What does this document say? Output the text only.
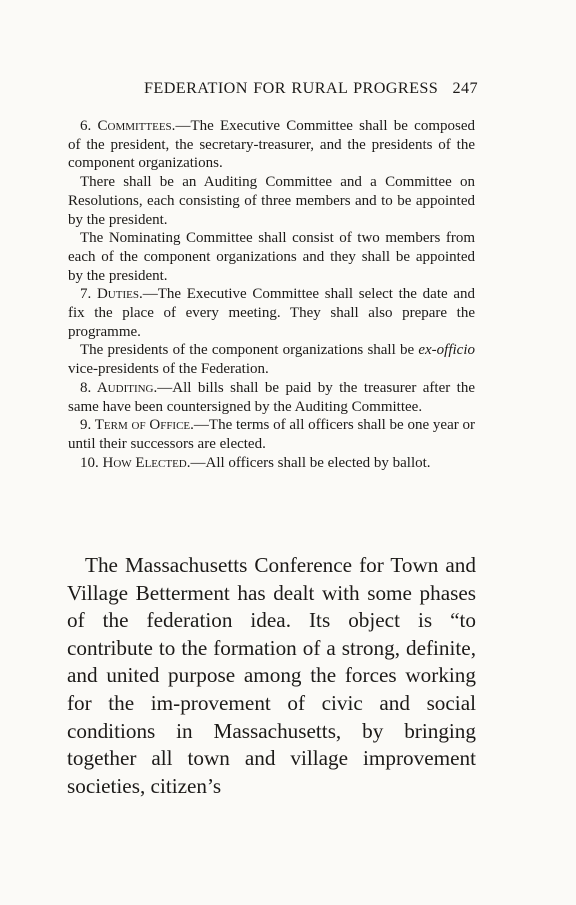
FEDERATION FOR RURAL PROGRESS 247

6. Committees.—The Executive Committee shall be composed of the president, the secretary-treasurer, and the presidents of the component organizations.

There shall be an Auditing Committee and a Committee on Resolutions, each consisting of three members and to be appointed by the president.

The Nominating Committee shall consist of two members from each of the component organizations and they shall be appointed by the president.

7. Duties.—The Executive Committee shall select the date and fix the place of every meeting. They shall also prepare the programme.

The presidents of the component organizations shall be ex-officio vice-presidents of the Federation.

8. Auditing.—All bills shall be paid by the treasurer after the same have been countersigned by the Auditing Committee.

9. Term of Office.—The terms of all officers shall be one year or until their successors are elected.

10. How Elected.—All officers shall be elected by ballot.

The Massachusetts Conference for Town and Village Betterment has dealt with some phases of the federation idea. Its object is “to contribute to the formation of a strong, definite, and united purpose among the forces working for the im-provement of civic and social conditions in Massachusetts, by bringing together all town and village improvement societies, citizen’s
